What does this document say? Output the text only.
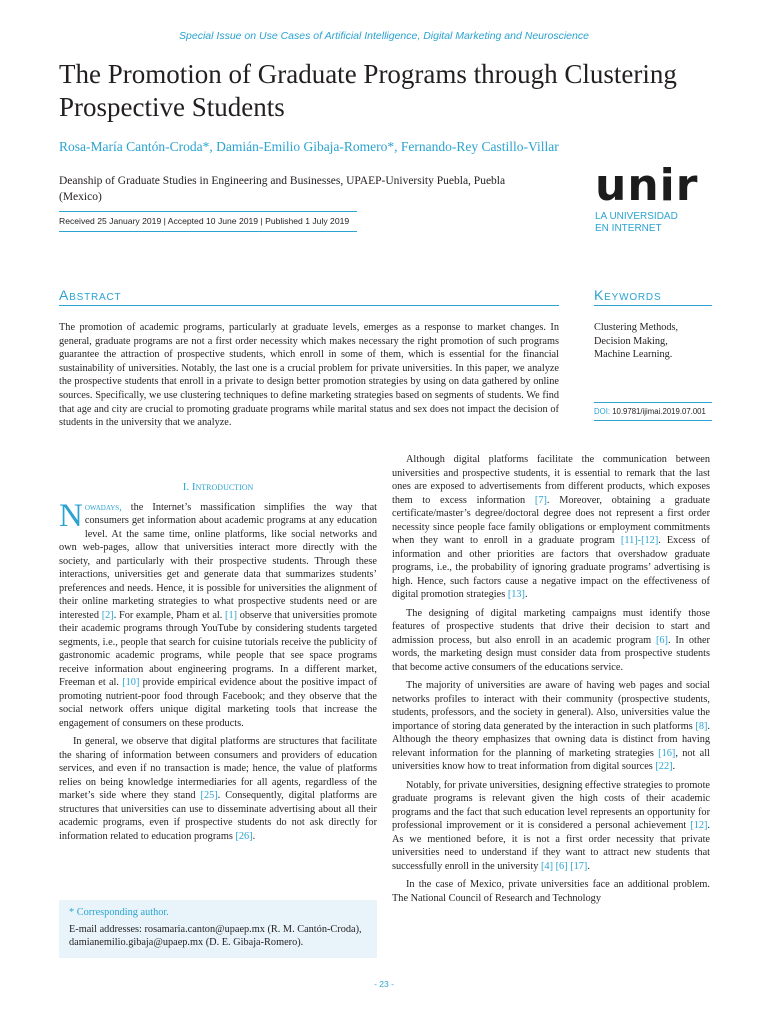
Special Issue on Use Cases of Artificial Intelligence, Digital Marketing and Neuroscience
The Promotion of Graduate Programs through Clustering Prospective Students
Rosa-María Cantón-Croda*, Damián-Emilio Gibaja-Romero*, Fernando-Rey Castillo-Villar
Deanship of Graduate Studies in Engineering and Businesses, UPAEP-University Puebla, Puebla (Mexico)
Received 25 January 2019 | Accepted 10 June 2019 | Published 1 July 2019
unir
LA UNIVERSIDAD
EN INTERNET
Abstract	Keywords
The promotion of academic programs, particularly at graduate levels, emerges as a response to market changes. In general, graduate programs are not a first order necessity which makes necessary the right promotion of such programs guarantee the attraction of prospective students, which enroll in some of them, which is essential for the financial sustainability of universities. Notably, the last one is a crucial problem for private universities. In this paper, we analyze the prospective students that enroll in a private to design better promotion strategies by using on data gathered by online sources. Specifically, we use clustering techniques to define marketing strategies based on segments of students. We find that age and city are crucial to promoting graduate programs while marital status and sex does not impact the decision of students in the university that we analyze.
Clustering Methods,
Decision Making,
Machine Learning.
DOI: 10.9781/ijimai.2019.07.001
I. Introduction

Nowadays, the Internet’s massification simplifies the way that consumers get information about academic programs at any education level. At the same time, online platforms, like social networks and own web-pages, allow that universities interact more directly with the society, and particularly with their prospective students. Through these interactions, universities get and generate data that summarizes students’ preferences and needs. Hence, it is possible for universities the alignment of their online marketing strategies to what prospective students need or are interested [2]. For example, Pham et al. [1] observe that universities promote their academic programs through YouTube by considering students targeted segments, i.e., people that search for cuisine tutorials receive the publicity of gastronomic academic programs, while people that see space programs receive information about engineering programs. In a different market, Freeman et al. [10] provide empirical evidence about the positive impact of promoting nutrient-poor food through Facebook; and they observe that the social network offers unique digital marketing tools that increase the engagement of consumers on these products.

In general, we observe that digital platforms are structures that facilitate the sharing of information between consumers and providers of education services, and even if no transaction is made; hence, the value of platforms relies on being knowledge intermediaries for all agents, regardless of the market’s side where they stand [25]. Consequently, digital platforms are structures that universities can use to disseminate advertising about all their academic programs, even if prospective students do not ask directly for information related to education programs [26].

* Corresponding author.
E-mail addresses: rosamaria.canton@upaep.mx (R. M. Cantón-Croda), damianemilio.gibaja@upaep.mx (D. E. Gibaja-Romero).

Although digital platforms facilitate the communication between universities and prospective students, it is essential to remark that the last ones are exposed to advertisements from different products, which exposes them to excess information [7]. Moreover, obtaining a graduate certificate/master’s degree/doctoral degree does not represent a first order necessity since people face family obligations or employment commitments when they want to enroll in a graduate program [11]-[12]. Excess of information and other priorities are factors that overshadow graduate programs, i.e., the probability of ignoring graduate programs’ advertising is high. Hence, such factors cause a negative impact on the effectiveness of digital promotion strategies [13].

The designing of digital marketing campaigns must identify those features of prospective students that drive their decision to start and admission process, but also enroll in an academic program [6]. In other words, the marketing design must consider data from prospective students that become active consumers of the educations service.

The majority of universities are aware of having web pages and social networks profiles to interact with their community (prospective students, students, professors, and the society in general). Also, universities value the importance of storing data generated by the interaction in such platforms [8]. Although the theory emphasizes that owning data is distinct from having relevant information for the planning of marketing strategies [16], not all universities know how to treat information from digital sources [22].

Notably, for private universities, designing effective strategies to promote graduate programs is relevant given the high costs of their academic programs and the fact that such education level represents an opportunity for professional improvement or it is considered a personal achievement [12]. As we mentioned before, it is not a first order necessity that private universities need to understand if they want to attract new students that successfully enroll in the university [4] [6] [17].

In the case of Mexico, private universities face an additional problem. The National Council of Research and Technology

- 23 -
